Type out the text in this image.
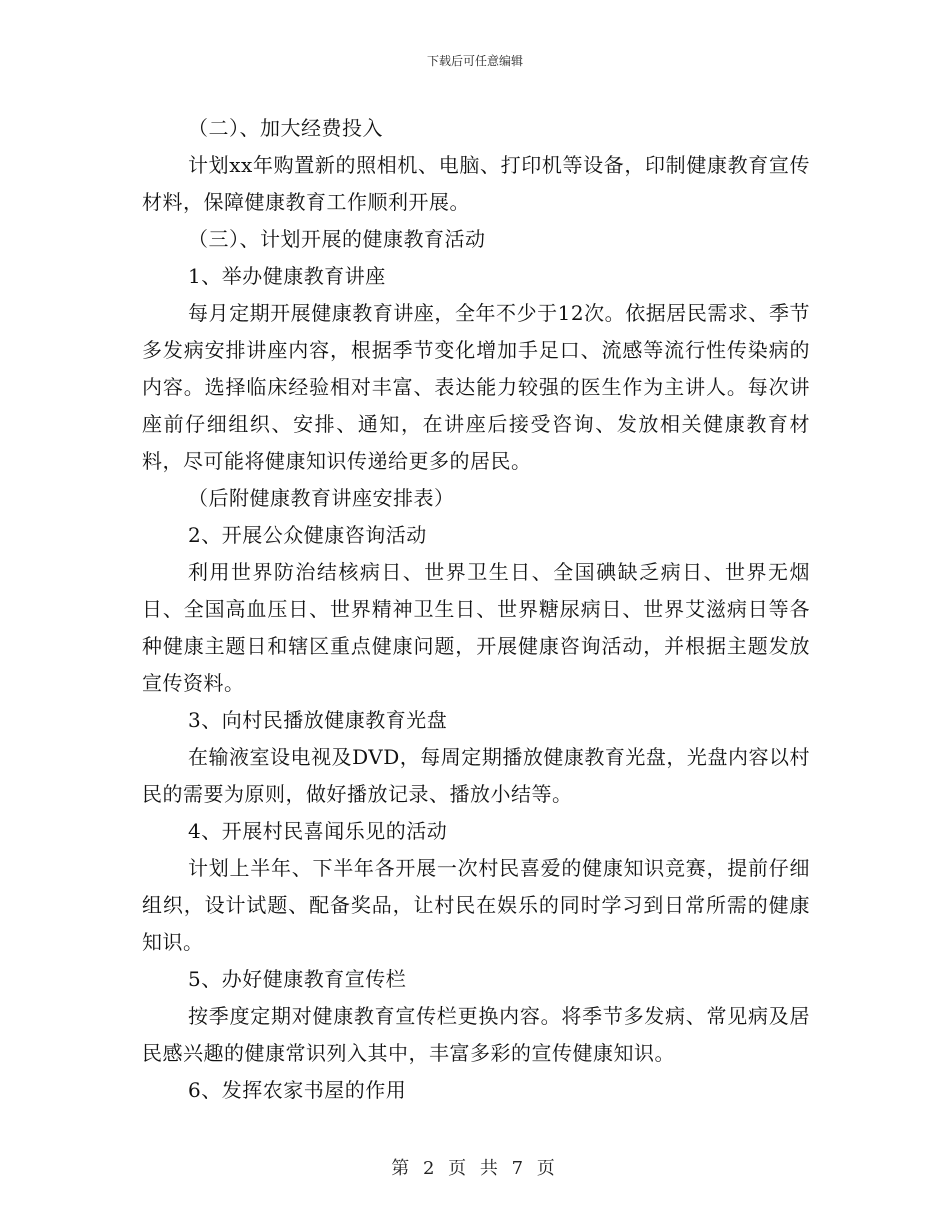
下载后可任意编辑

（二）、加大经费投入

计划xx年购置新的照相机、电脑、打印机等设备，印制健康教育宣传材料，保障健康教育工作顺利开展。

（三）、计划开展的健康教育活动

1、举办健康教育讲座

每月定期开展健康教育讲座，全年不少于12次。依据居民需求、季节多发病安排讲座内容，根据季节变化增加手足口、流感等流行性传染病的内容。选择临床经验相对丰富、表达能力较强的医生作为主讲人。每次讲座前仔细组织、安排、通知，在讲座后接受咨询、发放相关健康教育材料，尽可能将健康知识传递给更多的居民。

（后附健康教育讲座安排表）

2、开展公众健康咨询活动

利用世界防治结核病日、世界卫生日、全国碘缺乏病日、世界无烟日、全国高血压日、世界精神卫生日、世界糖尿病日、世界艾滋病日等各种健康主题日和辖区重点健康问题，开展健康咨询活动，并根据主题发放宣传资料。

3、向村民播放健康教育光盘

在输液室设电视及DVD，每周定期播放健康教育光盘，光盘内容以村民的需要为原则，做好播放记录、播放小结等。

4、开展村民喜闻乐见的活动

计划上半年、下半年各开展一次村民喜爱的健康知识竞赛，提前仔细组织，设计试题、配备奖品，让村民在娱乐的同时学习到日常所需的健康知识。

5、办好健康教育宣传栏

按季度定期对健康教育宣传栏更换内容。将季节多发病、常见病及居民感兴趣的健康常识列入其中，丰富多彩的宣传健康知识。

6、发挥农家书屋的作用

第 2 页 共 7 页
